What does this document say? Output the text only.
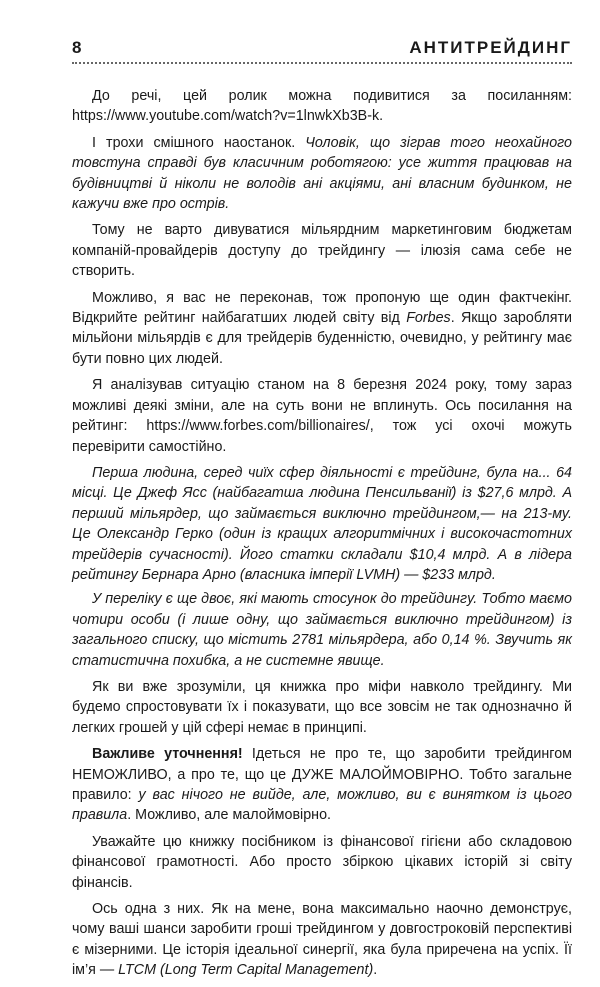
8	АНТИТРЕЙДИНГ

До речі, цей ролик можна подивитися за посиланням: https://www.youtube.com/watch?v=1lnwkXb3B-k.

І трохи смішного наостанок. Чоловік, що зіграв того неохайного товстуна справді був класичним роботягою: усе життя працював на будівництві й ніколи не володів ані акціями, ані власним будинком, не кажучи вже про острів.

Тому не варто дивуватися мільярдним маркетинговим бюджетам компаній-провайдерів доступу до трейдингу — ілюзія сама себе не створить.

Можливо, я вас не переконав, тож пропоную ще один фактчекінг. Відкрийте рейтинг найбагатших людей світу від Forbes. Якщо заробляти мільйони мільярдів є для трейдерів буденністю, очевидно, у рейтингу має бути повно цих людей.

Я аналізував ситуацію станом на 8 березня 2024 року, тому зараз можливі деякі зміни, але на суть вони не вплинуть. Ось посилання на рейтинг: https://www.forbes.com/billionaires/, тож усі охочі можуть перевірити самостійно.

Перша людина, серед чиїх сфер діяльності є трейдинг, була на... 64 місці. Це Джеф Ясс (найбагатша людина Пенсильванії) із $27,6 млрд. А перший мільярдер, що займається виключно трейдингом,— на 213-му. Це Олександр Герко (один із кращих алгоритмічних і високочастотних трейдерів сучасності). Його статки складали $10,4 млрд. А в лідера рейтингу Бернара Арно (власника імперії LVMH) — $233 млрд.

У переліку є ще двоє, які мають стосунок до трейдингу. Тобто маємо чотири особи (і лише одну, що займається виключно трейдингом) із загального списку, що містить 2781 мільярдера, або 0,14 %. Звучить як статистична похибка, а не системне явище.

Як ви вже зрозуміли, ця книжка про міфи навколо трейдингу. Ми будемо спростовувати їх і показувати, що все зовсім не так однозначно й легких грошей у цій сфері немає в принципі.

Важливе уточнення! Ідеться не про те, що заробити трейдингом НЕМОЖЛИВО, а про те, що це ДУЖЕ МАЛОЙМОВІРНО. Тобто загальне правило: у вас нічого не вийде, але, можливо, ви є винятком із цього правила. Можливо, але малоймовірно.

Уважайте цю книжку посібником із фінансової гігієни або складовою фінансової грамотності. Або просто збіркою цікавих історій зі світу фінансів.

Ось одна з них. Як на мене, вона максимально наочно демонструє, чому ваші шанси заробити гроші трейдингом у довгостроковій перспективі є мізерними. Це історія ідеальної синергії, яка була приречена на успіх. Її ім’я — LTCM (Long Term Capital Management).
